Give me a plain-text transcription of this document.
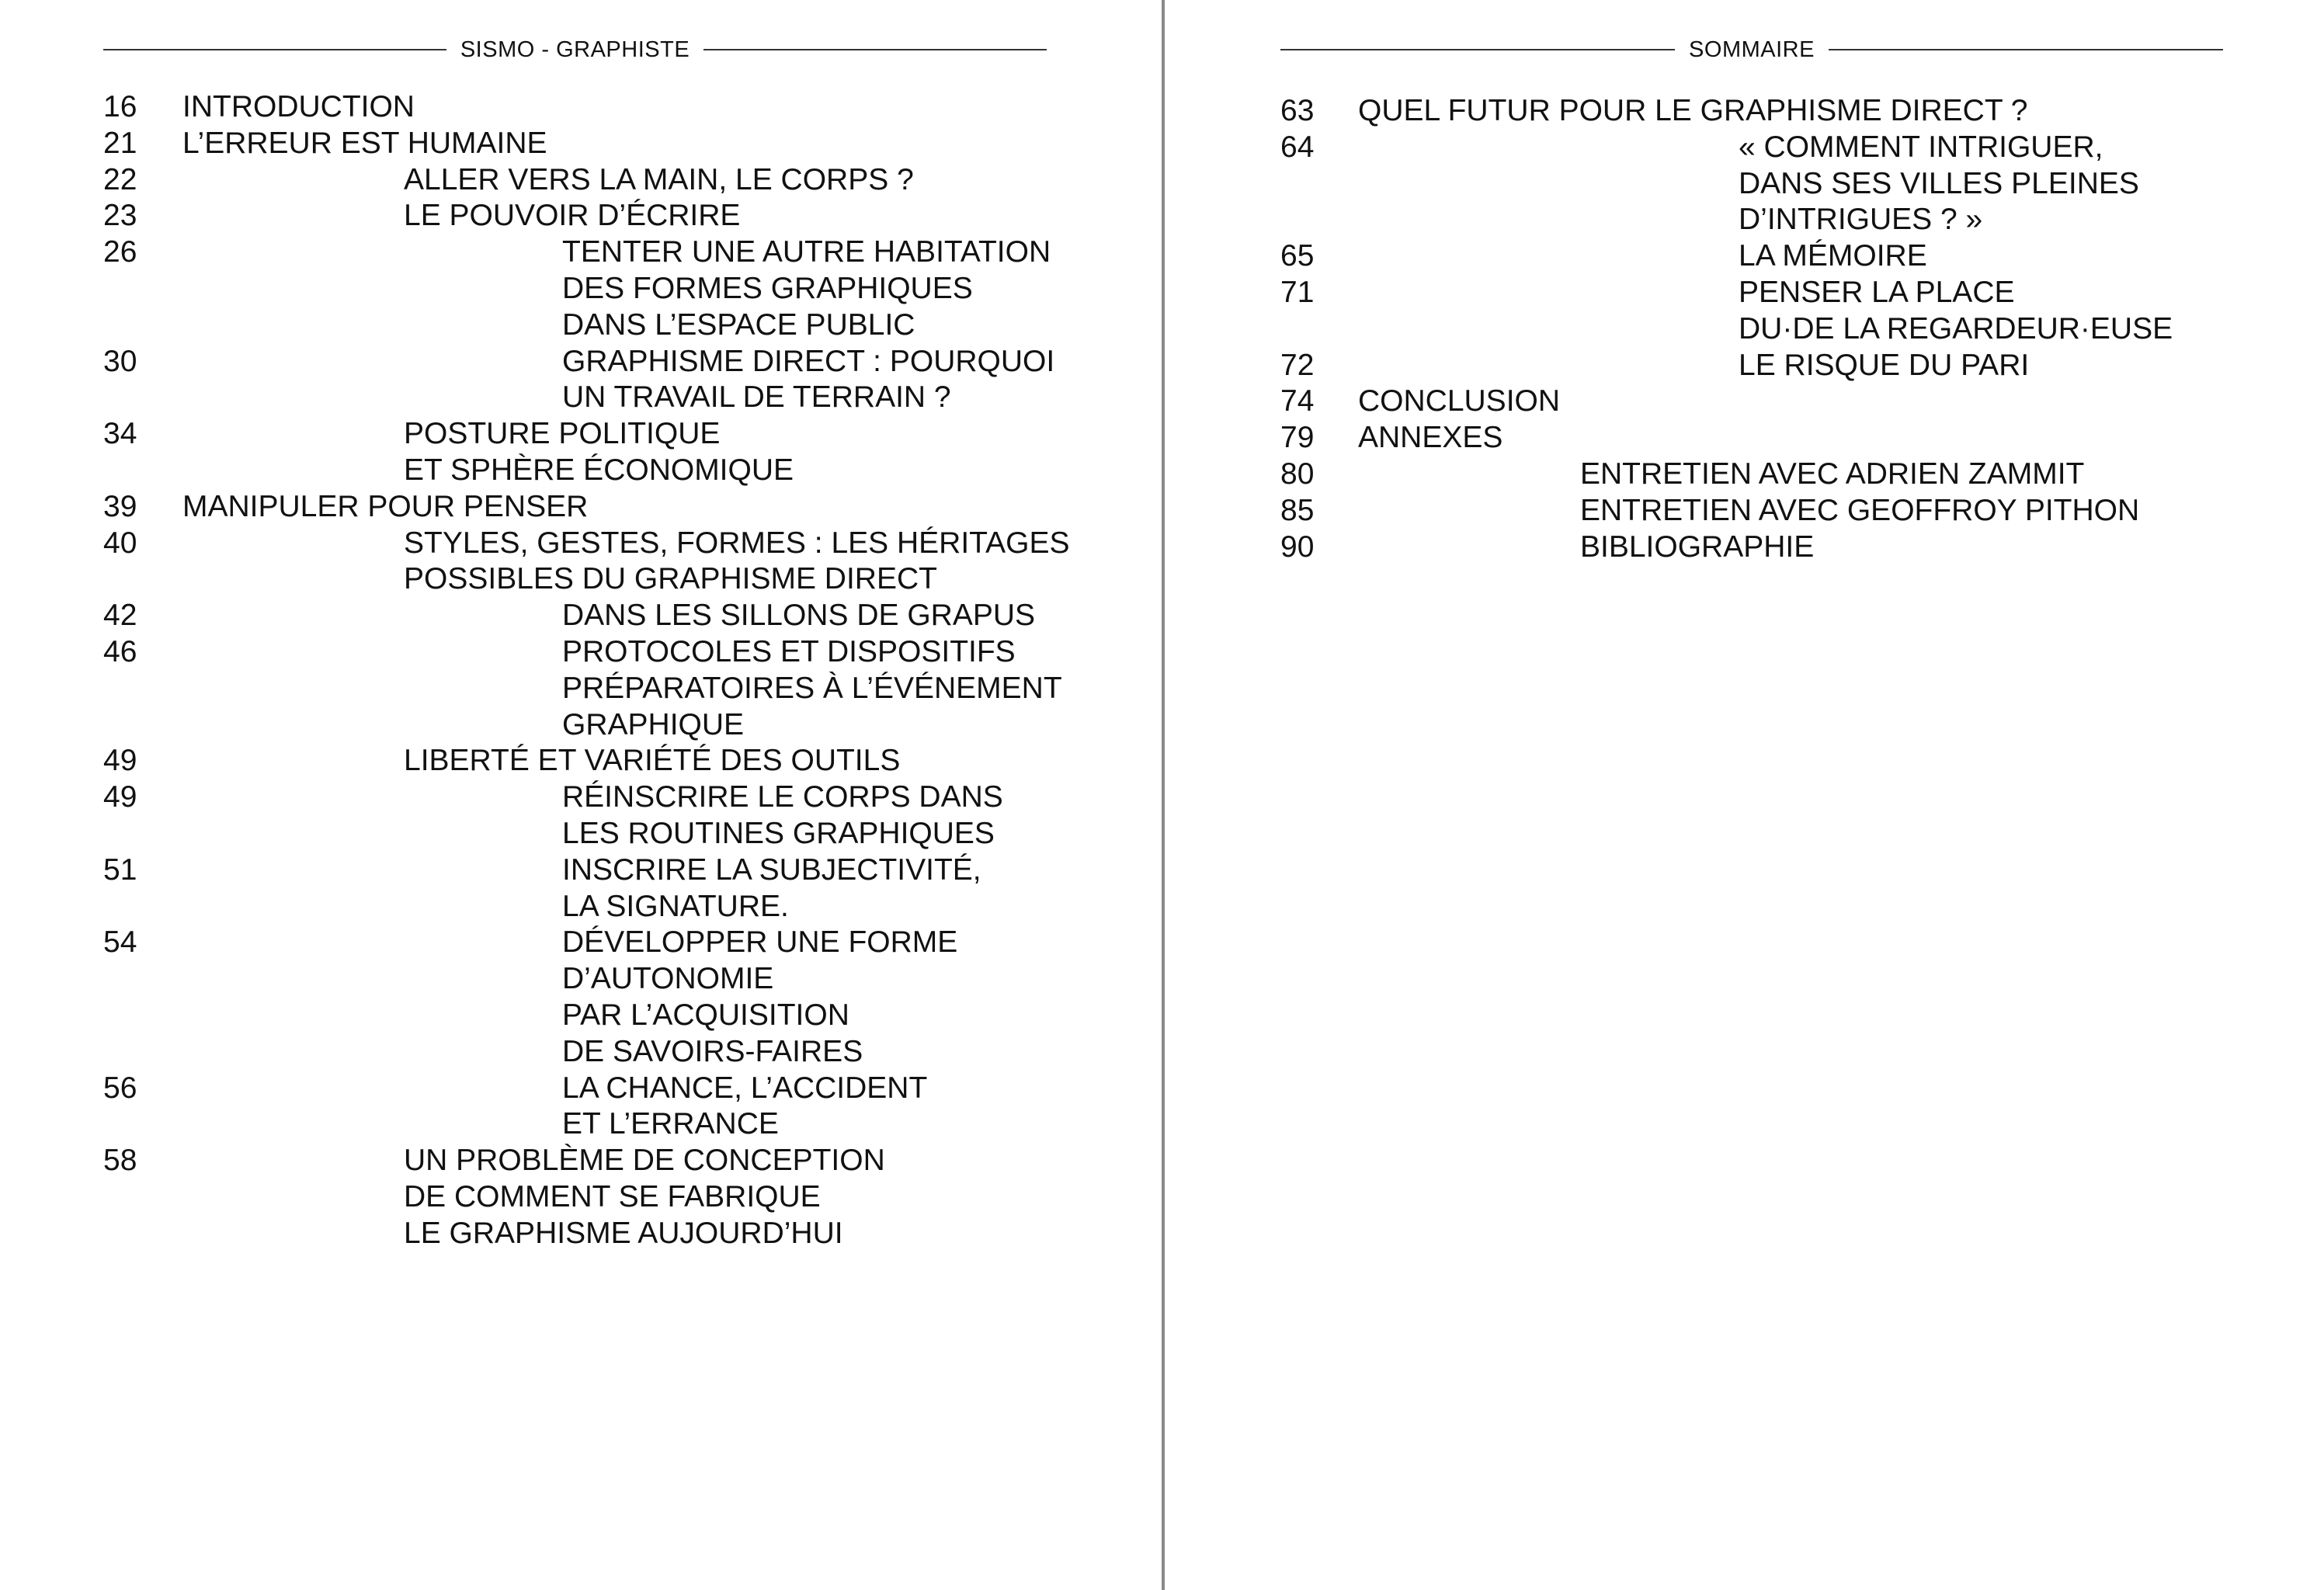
SISMO - GRAPHISTE
16 INTRODUCTION
21 L’ERREUR EST HUMAINE
22	ALLER VERS LA MAIN, LE CORPS ?
23	LE POUVOIR D’ÉCRIRE
26	TENTER UNE AUTRE HABITATION
DES FORMES GRAPHIQUES
DANS L’ESPACE PUBLIC
30	GRAPHISME DIRECT : POURQUOI
UN TRAVAIL DE TERRAIN ?
34	POSTURE POLITIQUE
ET SPHÈRE ÉCONOMIQUE
39 MANIPULER POUR PENSER
40	STYLES, GESTES, FORMES : LES HÉRITAGES
POSSIBLES DU GRAPHISME DIRECT
42	DANS LES SILLONS DE GRAPUS
46	PROTOCOLES ET DISPOSITIFS
PRÉPARATOIRES À L’ÉVÉNEMENT
GRAPHIQUE
49	LIBERTÉ ET VARIÉTÉ DES OUTILS
49	RÉINSCRIRE LE CORPS DANS
LES ROUTINES GRAPHIQUES
51	INSCRIRE LA SUBJECTIVITÉ,
LA SIGNATURE.
54	DÉVELOPPER UNE FORME
D’AUTONOMIE
PAR L’ACQUISITION
DE SAVOIRS-FAIRES
56	LA CHANCE, L’ACCIDENT
ET L’ERRANCE
58	UN PROBLÈME DE CONCEPTION
DE COMMENT SE FABRIQUE
LE GRAPHISME AUJOURD’HUI
SOMMAIRE
63 QUEL FUTUR POUR LE GRAPHISME DIRECT ?
64	« COMMENT INTRIGUER,
DANS SES VILLES PLEINES
D’INTRIGUES ? »
65	LA MÉMOIRE
71	PENSER LA PLACE
DU·DE LA REGARDEUR·EUSE
72	LE RISQUE DU PARI
74 CONCLUSION
79 ANNEXES
80	ENTRETIEN AVEC ADRIEN ZAMMIT
85	ENTRETIEN AVEC GEOFFROY PITHON
90	BIBLIOGRAPHIE
